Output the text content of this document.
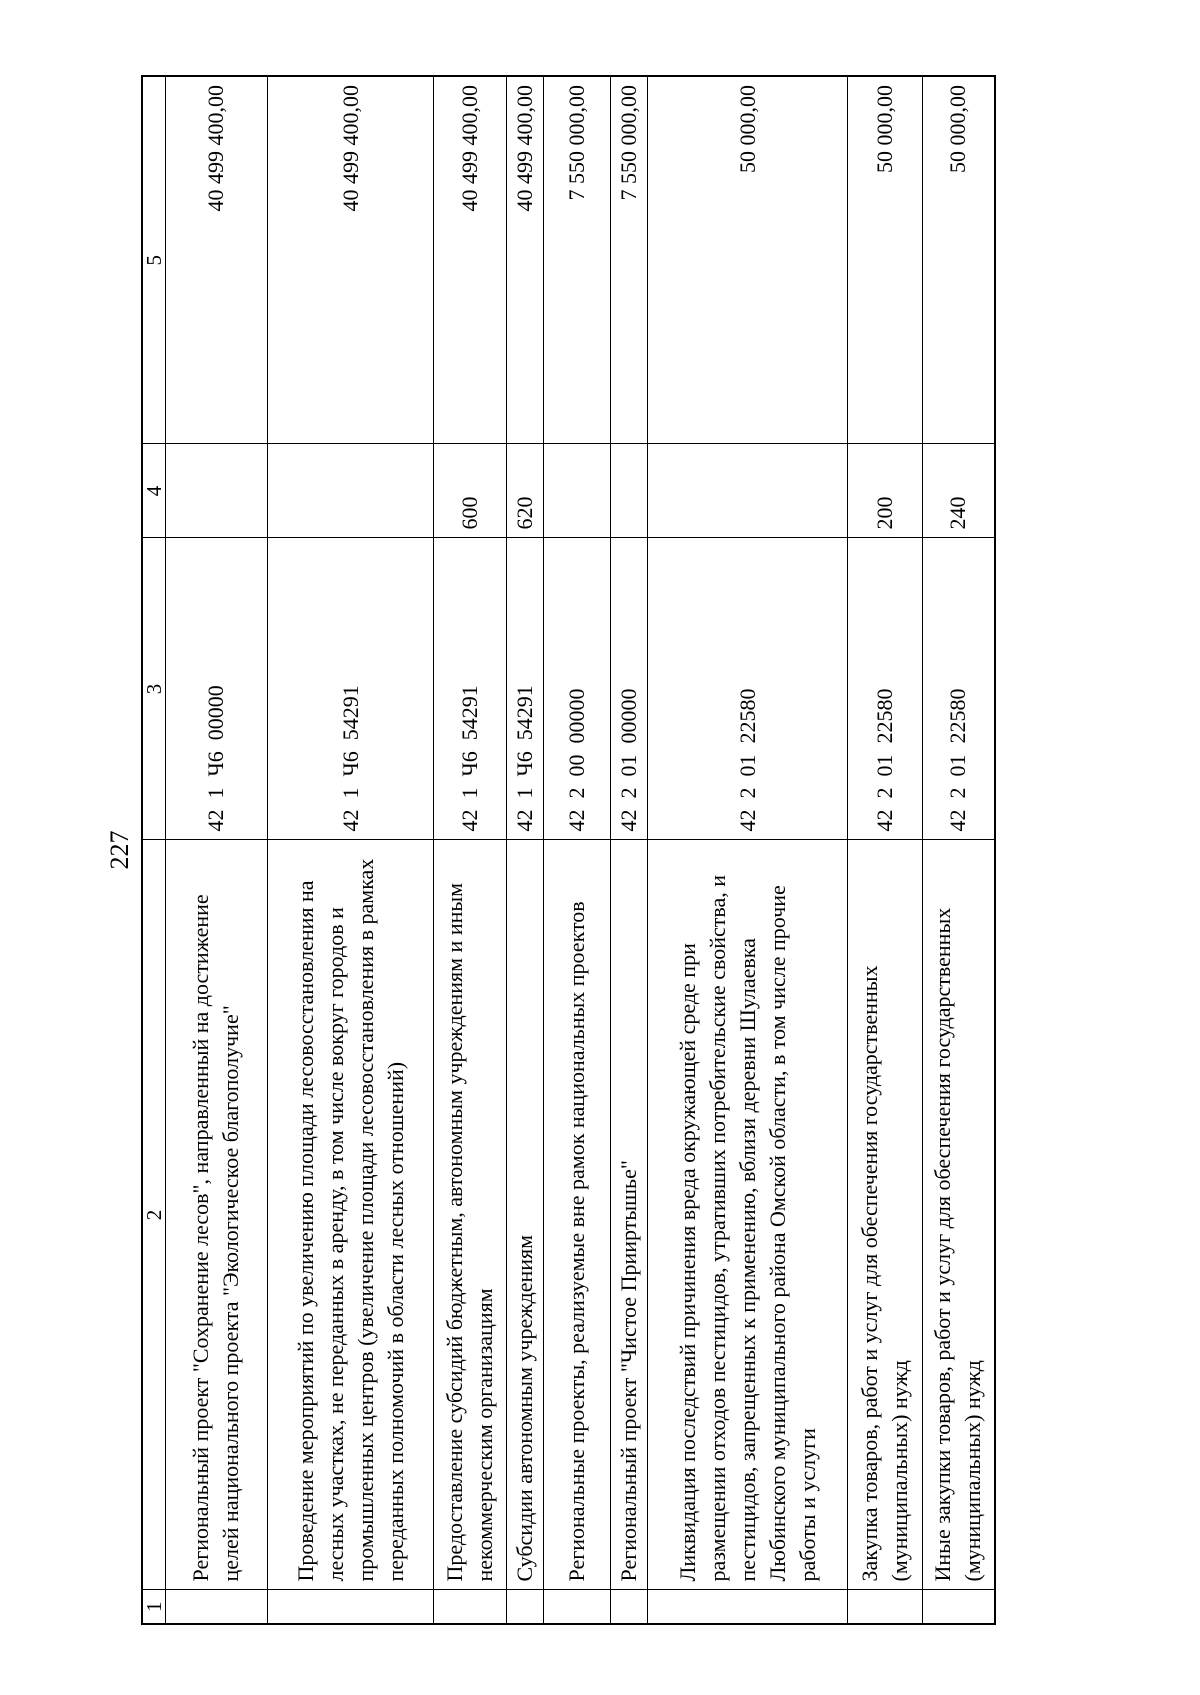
227
1	2	3	4	5
	Региональный проект "Сохранение лесов", направленный на достижение целей национального проекта "Экологическое благополучие"	42  1  Ч6  00000		40 499 400,00
	Проведение мероприятий по увеличению площади лесовосстановления на лесных участках, не переданных в аренду, в том числе вокруг городов и промышленных центров (увеличение площади лесовосстановления в рамках переданных полномочий в области лесных отношений)	42  1  Ч6  54291		40 499 400,00
	Предоставление субсидий бюджетным, автономным учреждениям и иным некоммерческим организациям	42  1  Ч6  54291	600	40 499 400,00
	Субсидии автономным учреждениям	42  1  Ч6  54291	620	40 499 400,00
	Региональные проекты, реализуемые вне рамок национальных проектов	42  2  00  00000		7 550 000,00
	Региональный проект "Чистое Прииртышье"	42  2  01  00000		7 550 000,00
	Ликвидация последствий причинения вреда окружающей среде при размещении отходов пестицидов, утративших потребительские свойства, и пестицидов, запрещенных к применению, вблизи деревни Шулаевка Любинского муниципального района Омской области, в том числе прочие работы и услуги	42  2  01  22580		50 000,00
	Закупка товаров, работ и услуг для обеспечения государственных (муниципальных) нужд	42  2  01  22580	200	50 000,00
	Иные закупки товаров, работ и услуг для обеспечения государственных (муниципальных) нужд	42  2  01  22580	240	50 000,00
